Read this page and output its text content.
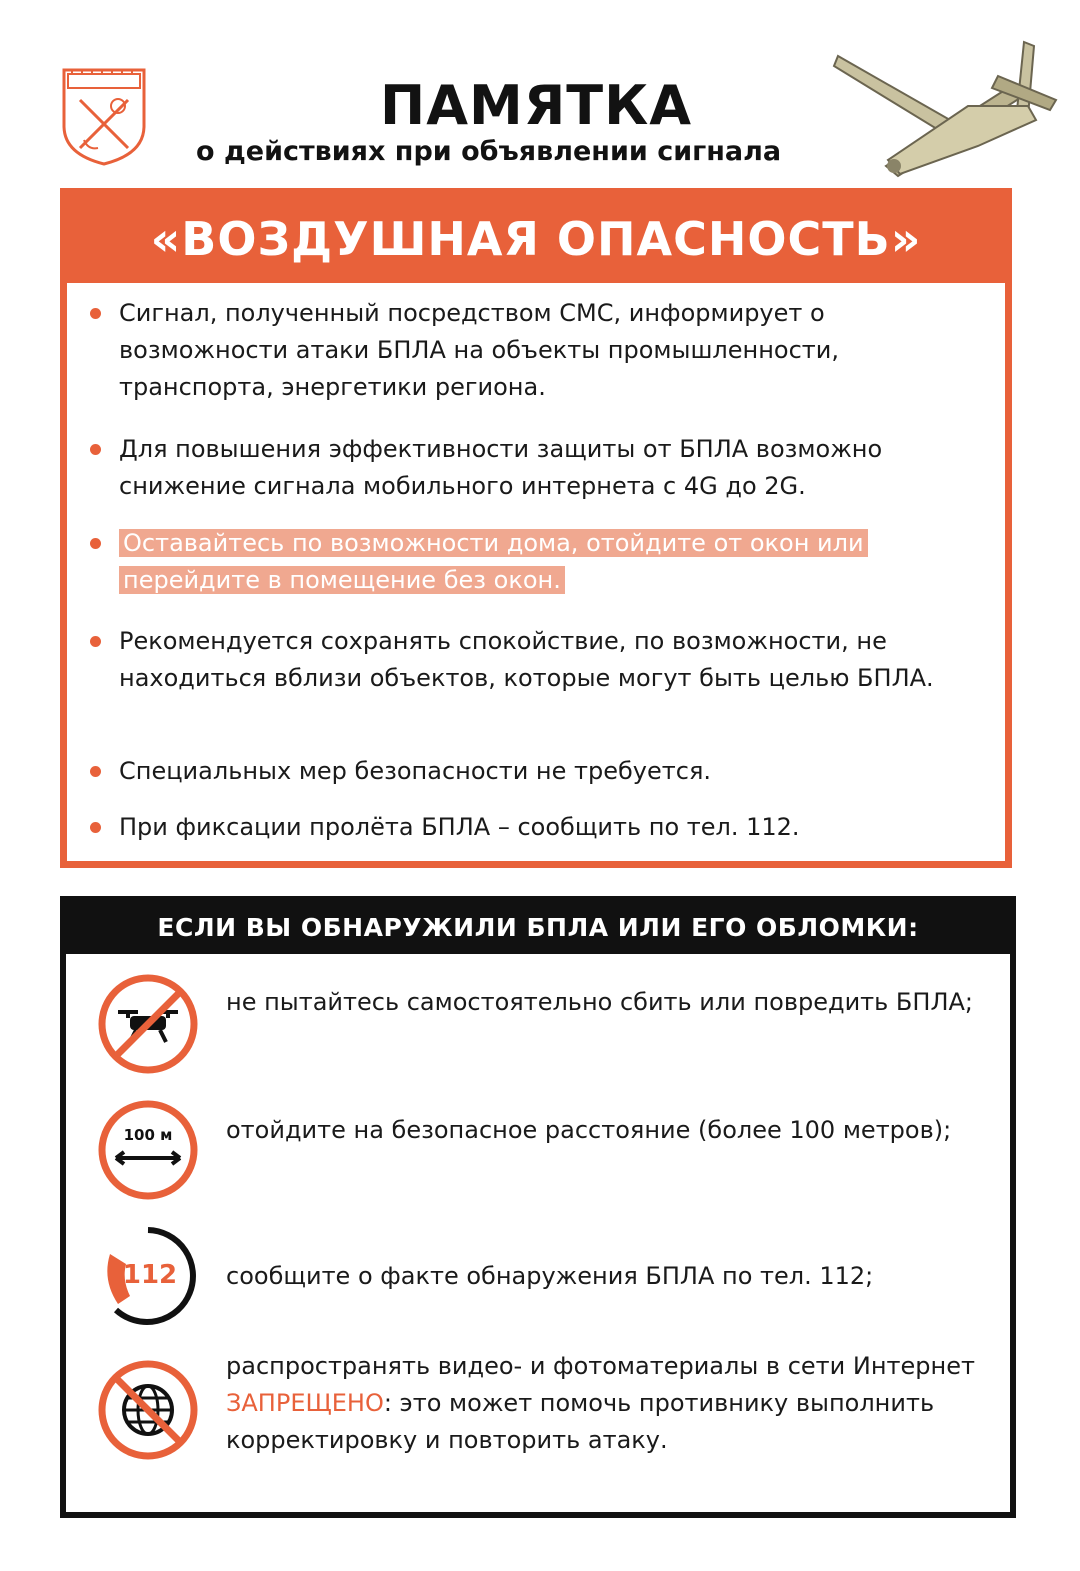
ПАМЯТКА
о действиях при объявлении сигнала
«ВОЗДУШНАЯ ОПАСНОСТЬ»
Сигнал, полученный посредством СМС, информирует о возможности атаки БПЛА на объекты промышленности, транспорта, энергетики региона.
Для повышения эффективности защиты от БПЛА возможно снижение сигнала мобильного интернета с 4G до 2G.
Оставайтесь по возможности дома, отойдите от окон или перейдите в помещение без окон.
Рекомендуется сохранять спокойствие, по возможности, не находиться вблизи объектов, которые могут быть целью БПЛА.
Специальных мер безопасности не требуется.
При фиксации пролёта БПЛА – сообщить по тел. 112.
ЕСЛИ ВЫ ОБНАРУЖИЛИ БПЛА ИЛИ ЕГО ОБЛОМКИ:
не пытайтесь самостоятельно сбить или повредить БПЛА;
100 м	отойдите на безопасное расстояние (более 100 метров);
112 сообщите о факте обнаружения БПЛА по тел. 112;
распространять видео- и фотоматериалы в сети Интернет ЗАПРЕЩЕНО: это может помочь противнику выполнить корректировку и повторить атаку.
